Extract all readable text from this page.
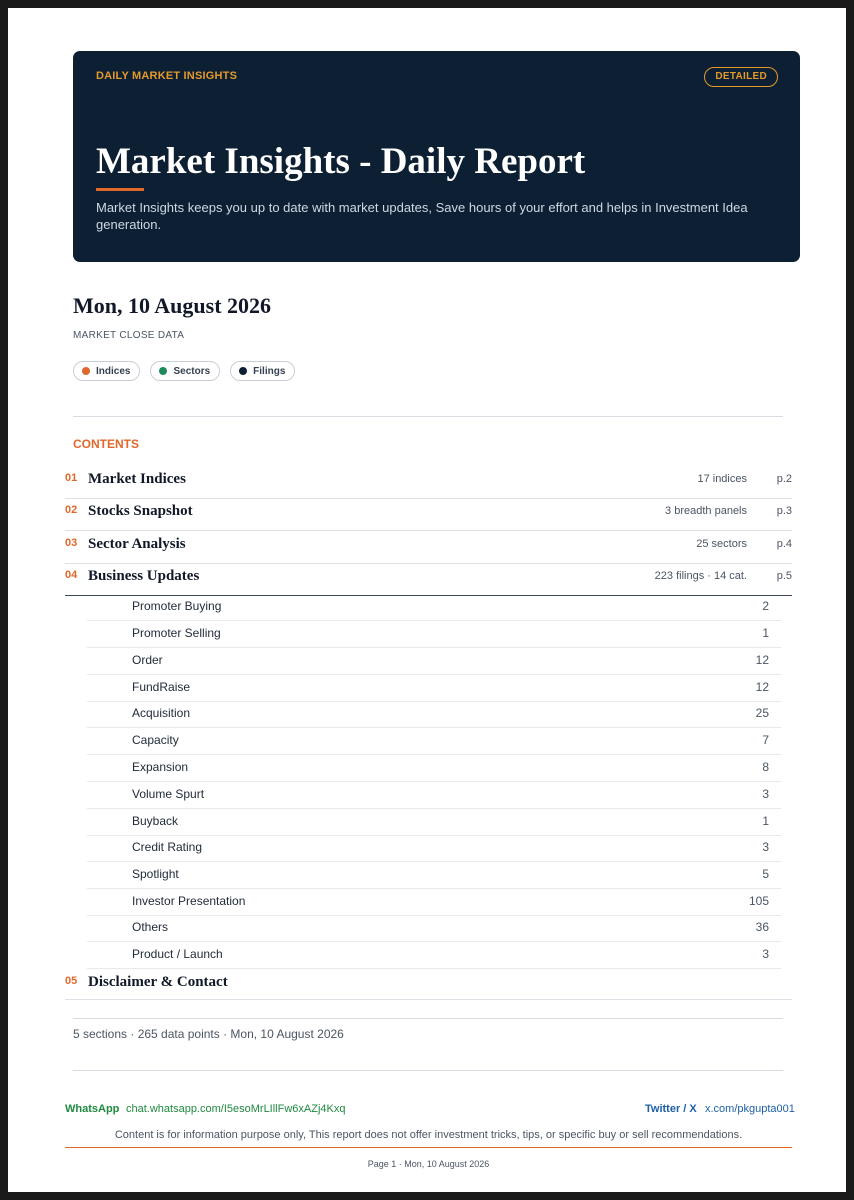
DAILY MARKET INSIGHTS	DETAILED
Market Insights - Daily Report
Market Insights keeps you up to date with market updates, Save hours of your effort and helps in Investment Idea generation.
Mon, 10 August 2026
MARKET CLOSE DATA
Indices	Sectors	Filings
CONTENTS
01 Market Indices	17 indices	p.2
02 Stocks Snapshot	3 breadth panels	p.3
03 Sector Analysis	25 sectors	p.4
04 Business Updates	223 filings · 14 cat.	p.5
Promoter Buying	2
Promoter Selling	1
Order	12
FundRaise	12
Acquisition	25
Capacity	7
Expansion	8
Volume Spurt	3
Buyback	1
Credit Rating	3
Spotlight	5
Investor Presentation	105
Others	36
Product / Launch	3
05 Disclaimer & Contact
5 sections · 265 data points · Mon, 10 August 2026
WhatsApp chat.whatsapp.com/I5esoMrLIllFw6xAZj4Kxq	Twitter / X x.com/pkgupta001
Content is for information purpose only, This report does not offer investment tricks, tips, or specific buy or sell recommendations.
Page 1 · Mon, 10 August 2026
